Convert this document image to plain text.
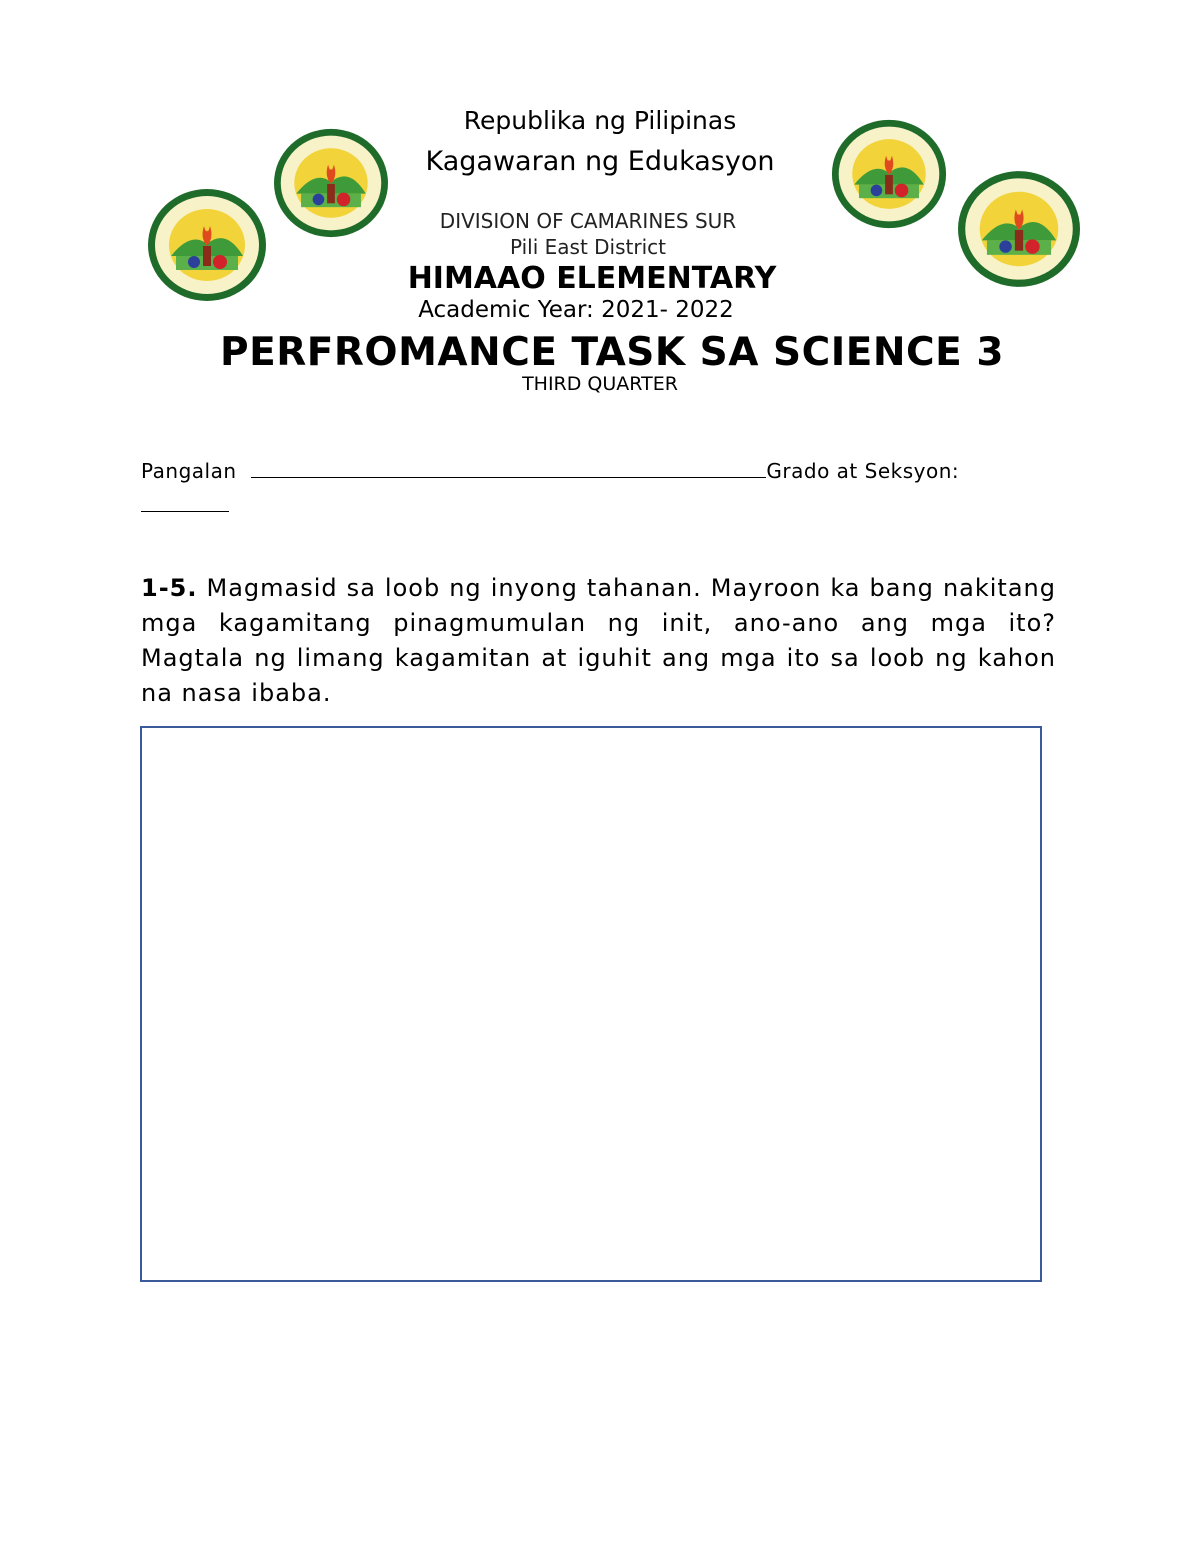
Republika ng Pilipinas
Kagawaran ng Edukasyon
DIVISION OF CAMARINES SUR
Pili East District
HIMAAO ELEMENTARY
Academic Year: 2021- 2022
PERFROMANCE TASK SA SCIENCE 3
THIRD QUARTER
Pangalan	Grado at Seksyon:
1-5. Magmasid sa loob ng inyong tahanan. Mayroon ka bang nakitang mga kagamitang pinagmumulan ng init, ano-ano ang mga ito? Magtala ng limang kagamitan at iguhit ang mga ito sa loob ng kahon na nasa ibaba.
